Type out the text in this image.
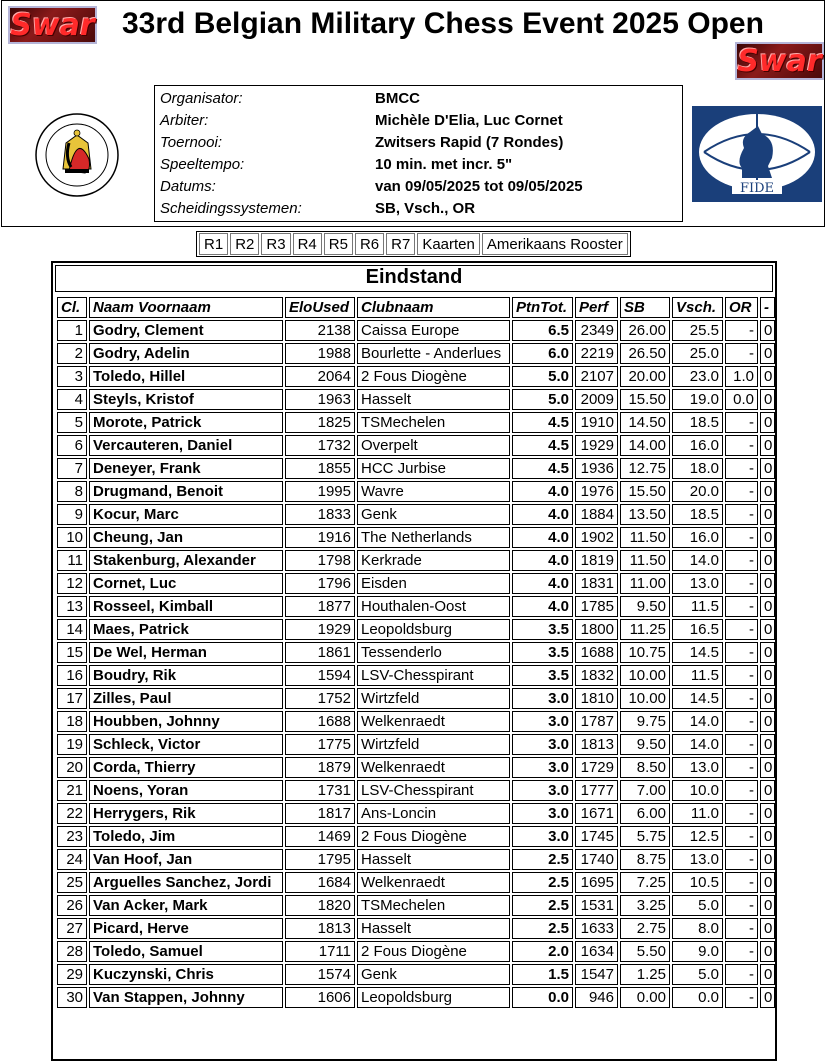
Swar 33rd Belgian Military Chess Event 2025 Open
Swar
FIDE
Organisator:	BMCC
Arbiter:	Michèle D'Elia, Luc Cornet
Toernooi:	Zwitsers Rapid (7 Rondes)
Speeltempo:	10 min. met incr. 5"
Datums:	van 09/05/2025 tot 09/05/2025
Scheidingssystemen:	SB, Vsch., OR
R1 R2 R3 R4 R5 R6 R7 Kaarten Amerikaans Rooster
Eindstand
Cl.	Naam Voornaam	EloUsed	Clubnaam	PtnTot.	Perf	SB	Vsch.	OR	-
1	Godry, Clement	2138	Caissa Europe	6.5	2349	26.00	25.5	-	0
2	Godry, Adelin	1988	Bourlette - Anderlues	6.0	2219	26.50	25.0	-	0
3	Toledo, Hillel	2064	2 Fous Diogène	5.0	2107	20.00	23.0	1.0	0
4	Steyls, Kristof	1963	Hasselt	5.0	2009	15.50	19.0	0.0	0
5	Morote, Patrick	1825	TSMechelen	4.5	1910	14.50	18.5	-	0
6	Vercauteren, Daniel	1732	Overpelt	4.5	1929	14.00	16.0	-	0
7	Deneyer, Frank	1855	HCC Jurbise	4.5	1936	12.75	18.0	-	0
8	Drugmand, Benoit	1995	Wavre	4.0	1976	15.50	20.0	-	0
9	Kocur, Marc	1833	Genk	4.0	1884	13.50	18.5	-	0
10	Cheung, Jan	1916	The Netherlands	4.0	1902	11.50	16.0	-	0
11	Stakenburg, Alexander	1798	Kerkrade	4.0	1819	11.50	14.0	-	0
12	Cornet, Luc	1796	Eisden	4.0	1831	11.00	13.0	-	0
13	Rosseel, Kimball	1877	Houthalen-Oost	4.0	1785	9.50	11.5	-	0
14	Maes, Patrick	1929	Leopoldsburg	3.5	1800	11.25	16.5	-	0
15	De Wel, Herman	1861	Tessenderlo	3.5	1688	10.75	14.5	-	0
16	Boudry, Rik	1594	LSV-Chesspirant	3.5	1832	10.00	11.5	-	0
17	Zilles, Paul	1752	Wirtzfeld	3.0	1810	10.00	14.5	-	0
18	Houbben, Johnny	1688	Welkenraedt	3.0	1787	9.75	14.0	-	0
19	Schleck, Victor	1775	Wirtzfeld	3.0	1813	9.50	14.0	-	0
20	Corda, Thierry	1879	Welkenraedt	3.0	1729	8.50	13.0	-	0
21	Noens, Yoran	1731	LSV-Chesspirant	3.0	1777	7.00	10.0	-	0
22	Herrygers, Rik	1817	Ans-Loncin	3.0	1671	6.00	11.0	-	0
23	Toledo, Jim	1469	2 Fous Diogène	3.0	1745	5.75	12.5	-	0
24	Van Hoof, Jan	1795	Hasselt	2.5	1740	8.75	13.0	-	0
25	Arguelles Sanchez, Jordi	1684	Welkenraedt	2.5	1695	7.25	10.5	-	0
26	Van Acker, Mark	1820	TSMechelen	2.5	1531	3.25	5.0	-	0
27	Picard, Herve	1813	Hasselt	2.5	1633	2.75	8.0	-	0
28	Toledo, Samuel	1711	2 Fous Diogène	2.0	1634	5.50	9.0	-	0
29	Kuczynski, Chris	1574	Genk	1.5	1547	1.25	5.0	-	0
30	Van Stappen, Johnny	1606	Leopoldsburg	0.0	946	0.00	0.0	-	0
